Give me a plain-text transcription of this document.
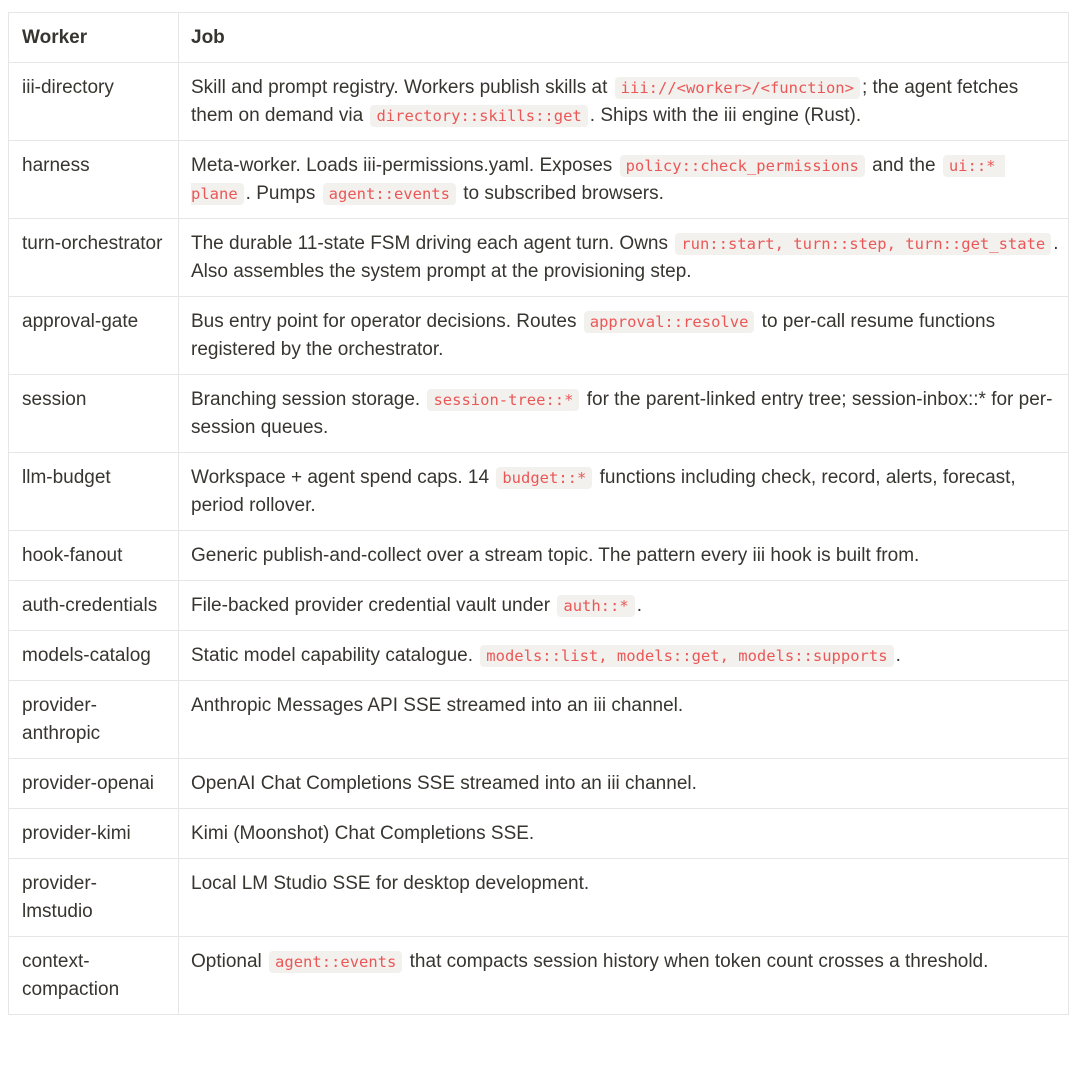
Worker	Job
iii-directory	Skill and prompt registry. Workers publish skills at iii://<worker>/<function> ; the agent fetches them on demand via directory::skills::get . Ships with the iii engine (Rust).
harness	Meta-worker. Loads iii-permissions.yaml. Exposes policy::check_permissions and the ui::* plane . Pumps agent::events to subscribed browsers.
turn-orchestrator	The durable 11-state FSM driving each agent turn. Owns run::start, turn::step, turn::get_state . Also assembles the system prompt at the provisioning step.
approval-gate	Bus entry point for operator decisions. Routes approval::resolve to per-call resume functions registered by the orchestrator.
session	Branching session storage. session-tree::* for the parent-linked entry tree; session-inbox::* for per-session queues.
llm-budget	Workspace + agent spend caps. 14 budget::* functions including check, record, alerts, forecast, period rollover.
hook-fanout	Generic publish-and-collect over a stream topic. The pattern every iii hook is built from.
auth-credentials	File-backed provider credential vault under auth::* .
models-catalog	Static model capability catalogue. models::list, models::get, models::supports .
provider-anthropic	Anthropic Messages API SSE streamed into an iii channel.
provider-openai	OpenAI Chat Completions SSE streamed into an iii channel.
provider-kimi	Kimi (Moonshot) Chat Completions SSE.
provider-lmstudio	Local LM Studio SSE for desktop development.
context-compaction	Optional agent::events that compacts session history when token count crosses a threshold.
